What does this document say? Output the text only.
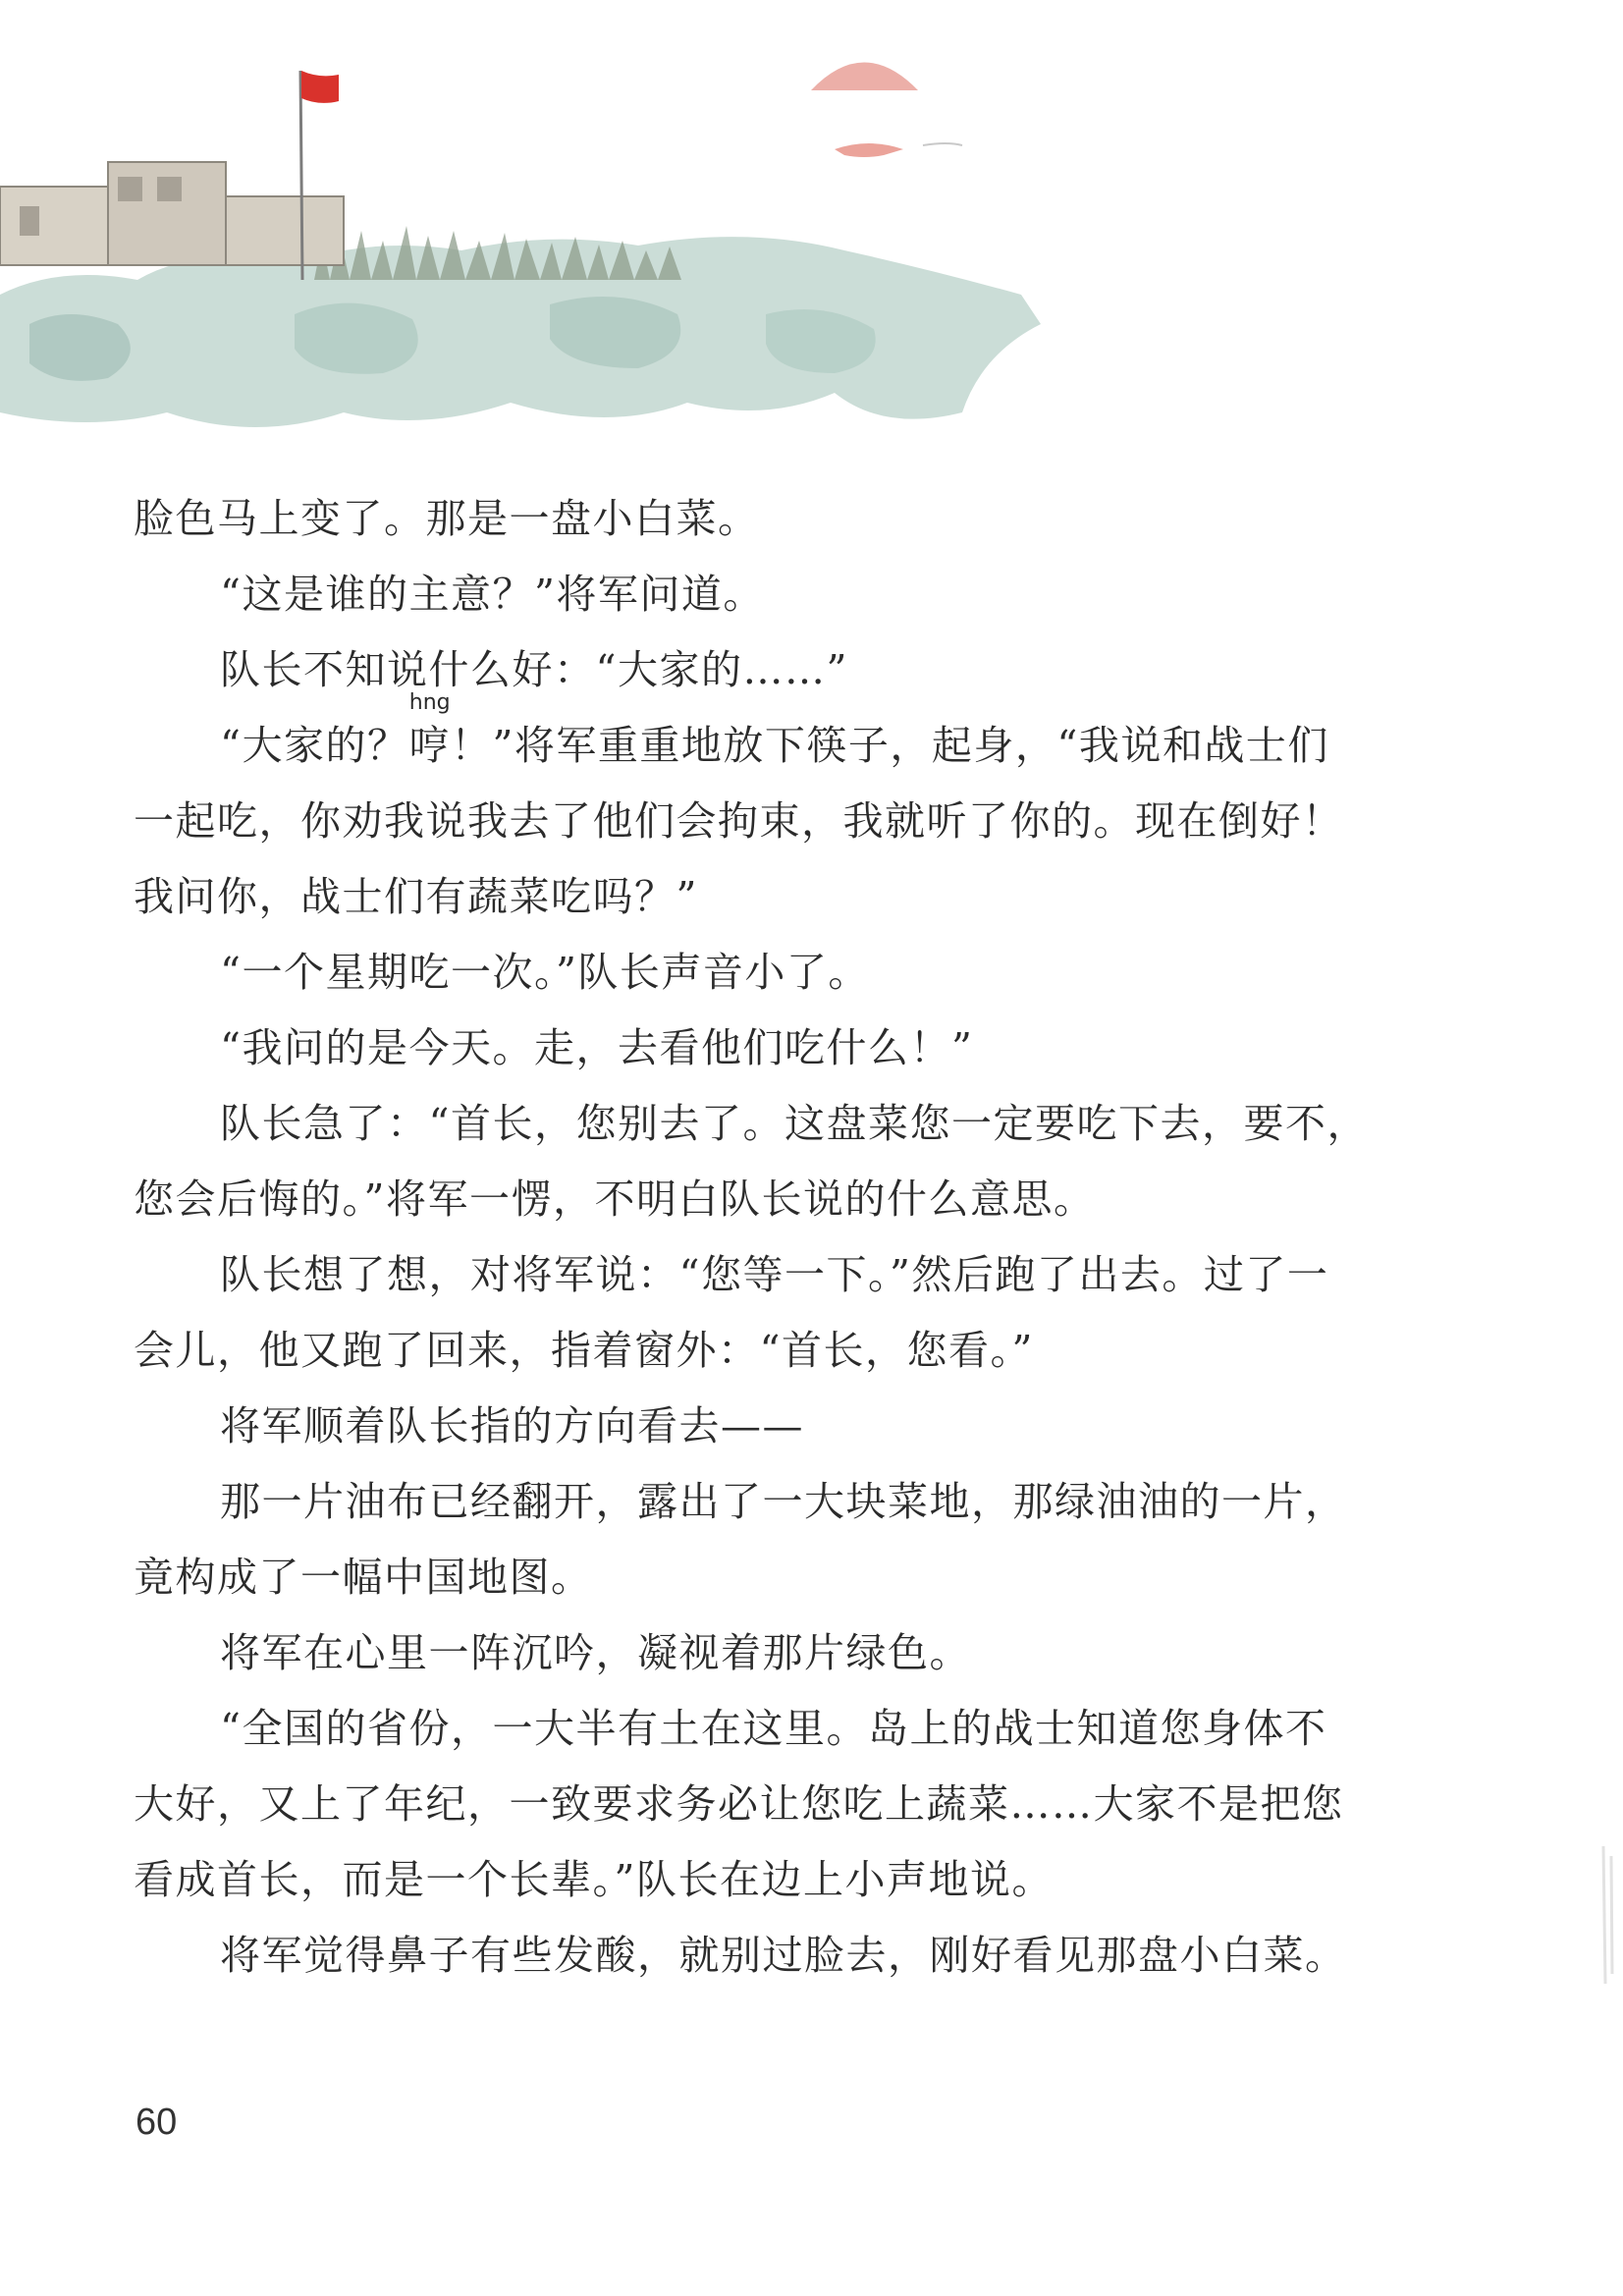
脸色马上变了。那是一盘小白菜。
“这是谁的主意？”将军问道。
队长不知说什么好：“大家的……”
“大家的？
hng
哼！”将军重重地放下筷子，起身，“我说和战士们
一起吃，你劝我说我去了他们会拘束，我就听了你的。现在倒好！
我问你，战士们有蔬菜吃吗？”
“一个星期吃一次。”队长声音小了。
“我问的是今天。走，去看他们吃什么！”
队长急了：“首长，您别去了。这盘菜您一定要吃下去，要不，
您会后悔的。”将军一愣，不明白队长说的什么意思。
队长想了想，对将军说：“您等一下。”然后跑了出去。过了一
会儿，他又跑了回来，指着窗外：“首长，您看。”
将军顺着队长指的方向看去——
那一片油布已经翻开，露出了一大块菜地，那绿油油的一片，
竟构成了一幅中国地图。
将军在心里一阵沉吟，凝视着那片绿色。
“全国的省份，一大半有土在这里。岛上的战士知道您身体不
大好，又上了年纪，一致要求务必让您吃上蔬菜……大家不是把您
看成首长，而是一个长辈。”队长在边上小声地说。
将军觉得鼻子有些发酸，就别过脸去，刚好看见那盘小白菜。
60
